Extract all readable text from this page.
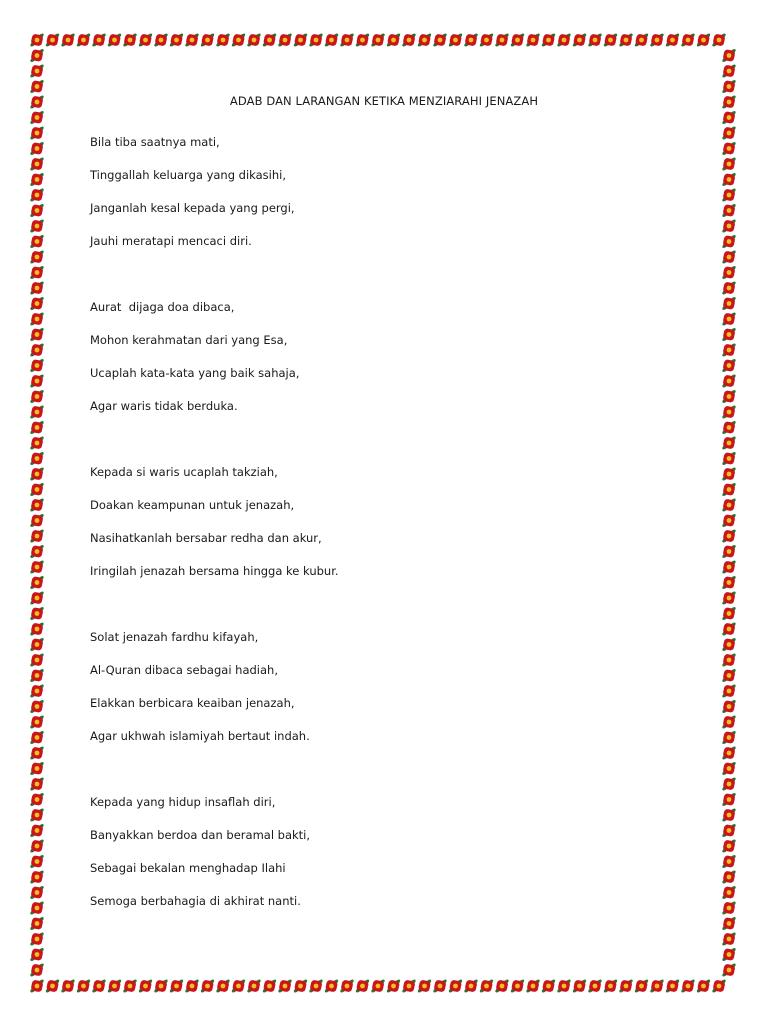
ADAB DAN LARANGAN KETIKA MENZIARAHI JENAZAH
Bila tiba saatnya mati,
Tinggallah keluarga yang dikasihi,
Janganlah kesal kepada yang pergi,
Jauhi meratapi mencaci diri.
Aurat  dijaga doa dibaca,
Mohon kerahmatan dari yang Esa,
Ucaplah kata-kata yang baik sahaja,
Agar waris tidak berduka.
Kepada si waris ucaplah takziah,
Doakan keampunan untuk jenazah,
Nasihatkanlah bersabar redha dan akur,
Iringilah jenazah bersama hingga ke kubur.
Solat jenazah fardhu kifayah,
Al-Quran dibaca sebagai hadiah,
Elakkan berbicara keaiban jenazah,
Agar ukhwah islamiyah bertaut indah.
Kepada yang hidup insaflah diri,
Banyakkan berdoa dan beramal bakti,
Sebagai bekalan menghadap Ilahi
Semoga berbahagia di akhirat nanti.
